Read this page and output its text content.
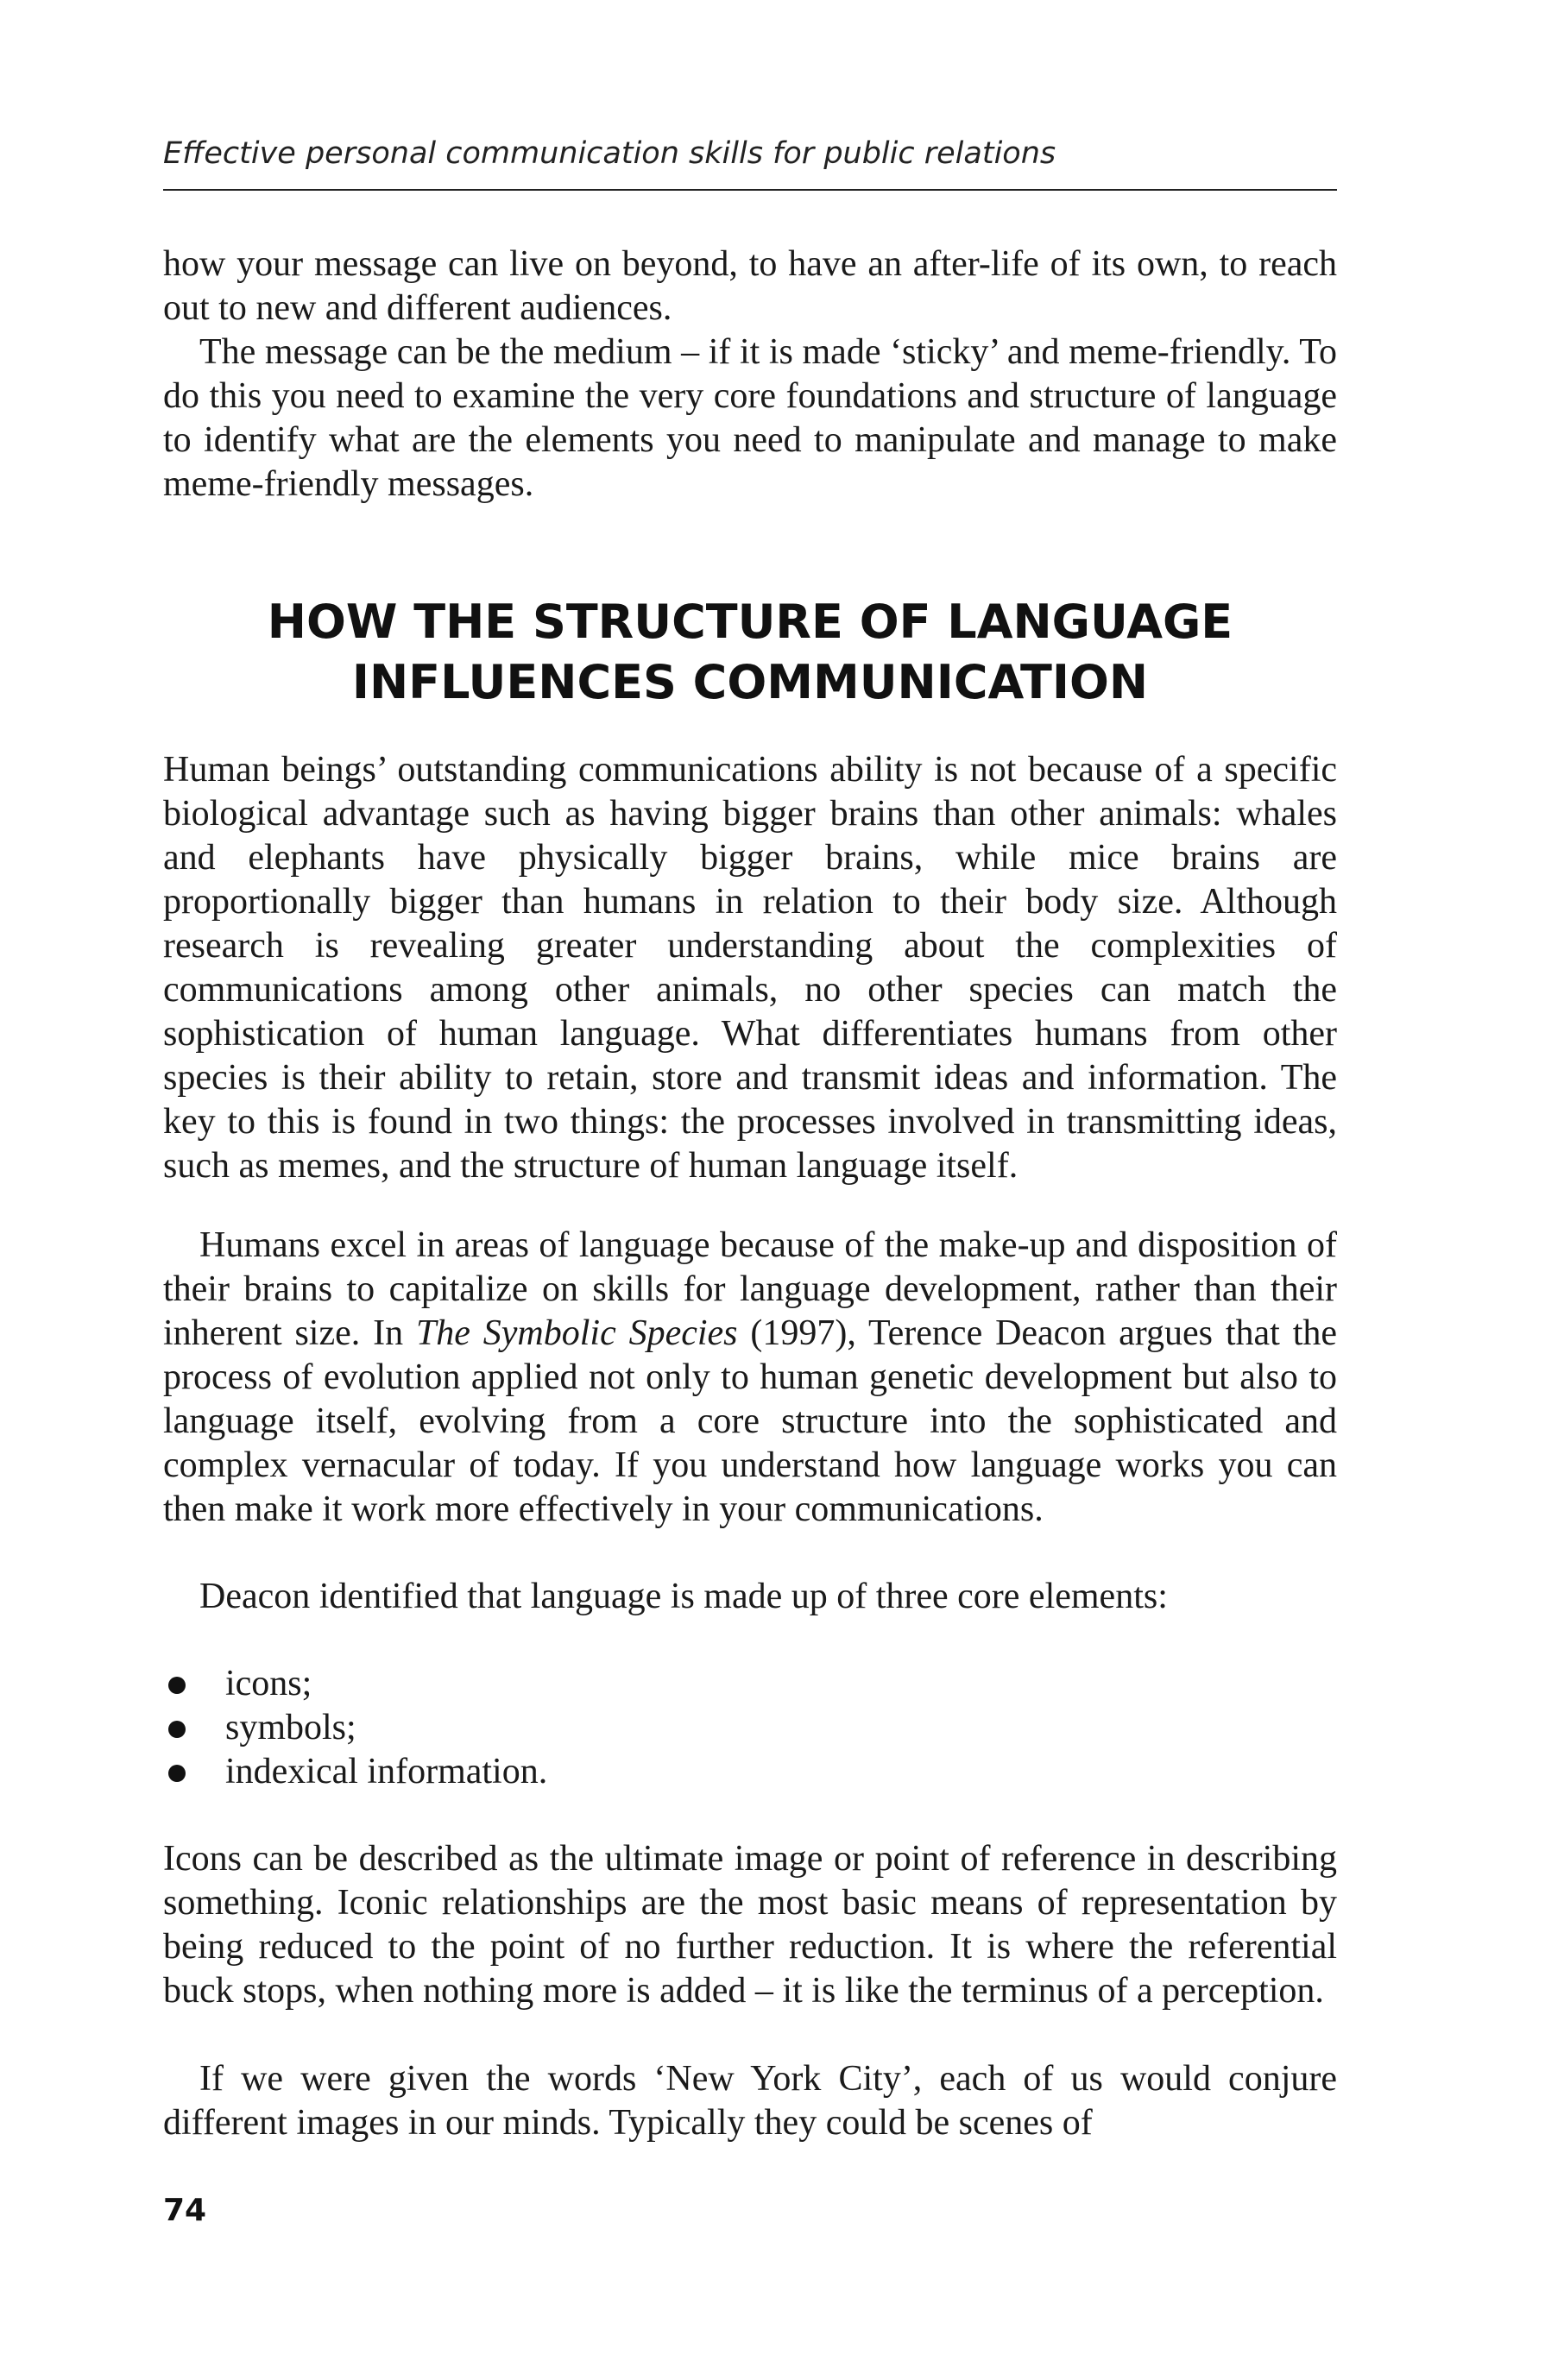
Effective personal communication skills for public relations

how your message can live on beyond, to have an after-life of its own, to reach out to new and different audiences.

The message can be the medium – if it is made ‘sticky’ and meme-friendly. To do this you need to examine the very core foundations and structure of language to identify what are the elements you need to manipulate and manage to make meme-friendly messages.

HOW THE STRUCTURE OF LANGUAGE
INFLUENCES COMMUNICATION

Human beings’ outstanding communications ability is not because of a specific biological advantage such as having bigger brains than other animals: whales and elephants have physically bigger brains, while mice brains are proportionally bigger than humans in relation to their body size. Although research is revealing greater understanding about the complexities of communications among other animals, no other species can match the sophistication of human language. What differentiates humans from other species is their ability to retain, store and transmit ideas and information. The key to this is found in two things: the processes involved in transmitting ideas, such as memes, and the structure of human language itself.

Humans excel in areas of language because of the make-up and disposition of their brains to capitalize on skills for language development, rather than their inherent size. In The Symbolic Species (1997), Terence Deacon argues that the process of evolution applied not only to human genetic development but also to language itself, evolving from a core structure into the sophisticated and complex vernacular of today. If you understand how language works you can then make it work more effectively in your communications.

Deacon identified that language is made up of three core elements:

icons;
symbols;
indexical information.

Icons can be described as the ultimate image or point of reference in describing something. Iconic relationships are the most basic means of representation by being reduced to the point of no further reduction. It is where the referential buck stops, when nothing more is added – it is like the terminus of a perception.

If we were given the words ‘New York City’, each of us would conjure different images in our minds. Typically they could be scenes of

74
